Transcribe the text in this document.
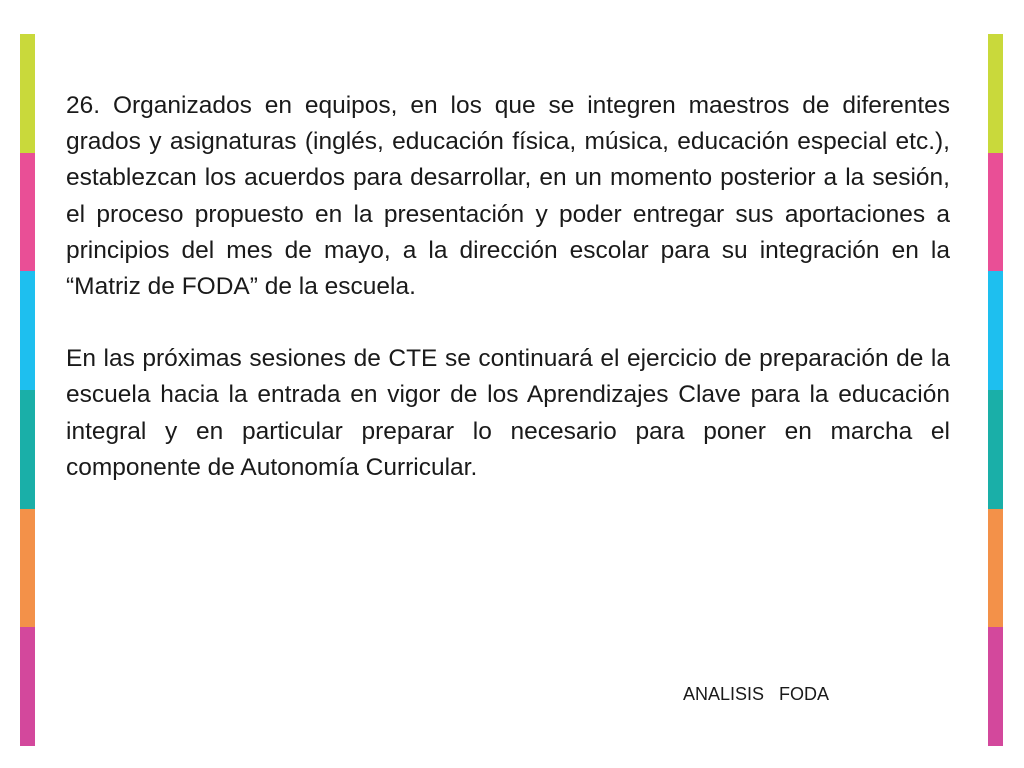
26. Organizados en equipos, en los que se integren maestros de diferentes grados y asignaturas (inglés, educación física, música, educación especial etc.), establezcan los acuerdos para desarrollar, en un momento posterior a la sesión, el proceso propuesto en la presentación y poder entregar sus aportaciones a principios del mes de mayo, a la dirección escolar para su integración en la “Matriz de FODA” de la escuela.

En las próximas sesiones de CTE se continuará el ejercicio de preparación de la escuela hacia la entrada en vigor de los Aprendizajes Clave para la educación integral y en particular preparar lo necesario para poner en marcha el componente de Autonomía Curricular.

ANALISIS   FODA
